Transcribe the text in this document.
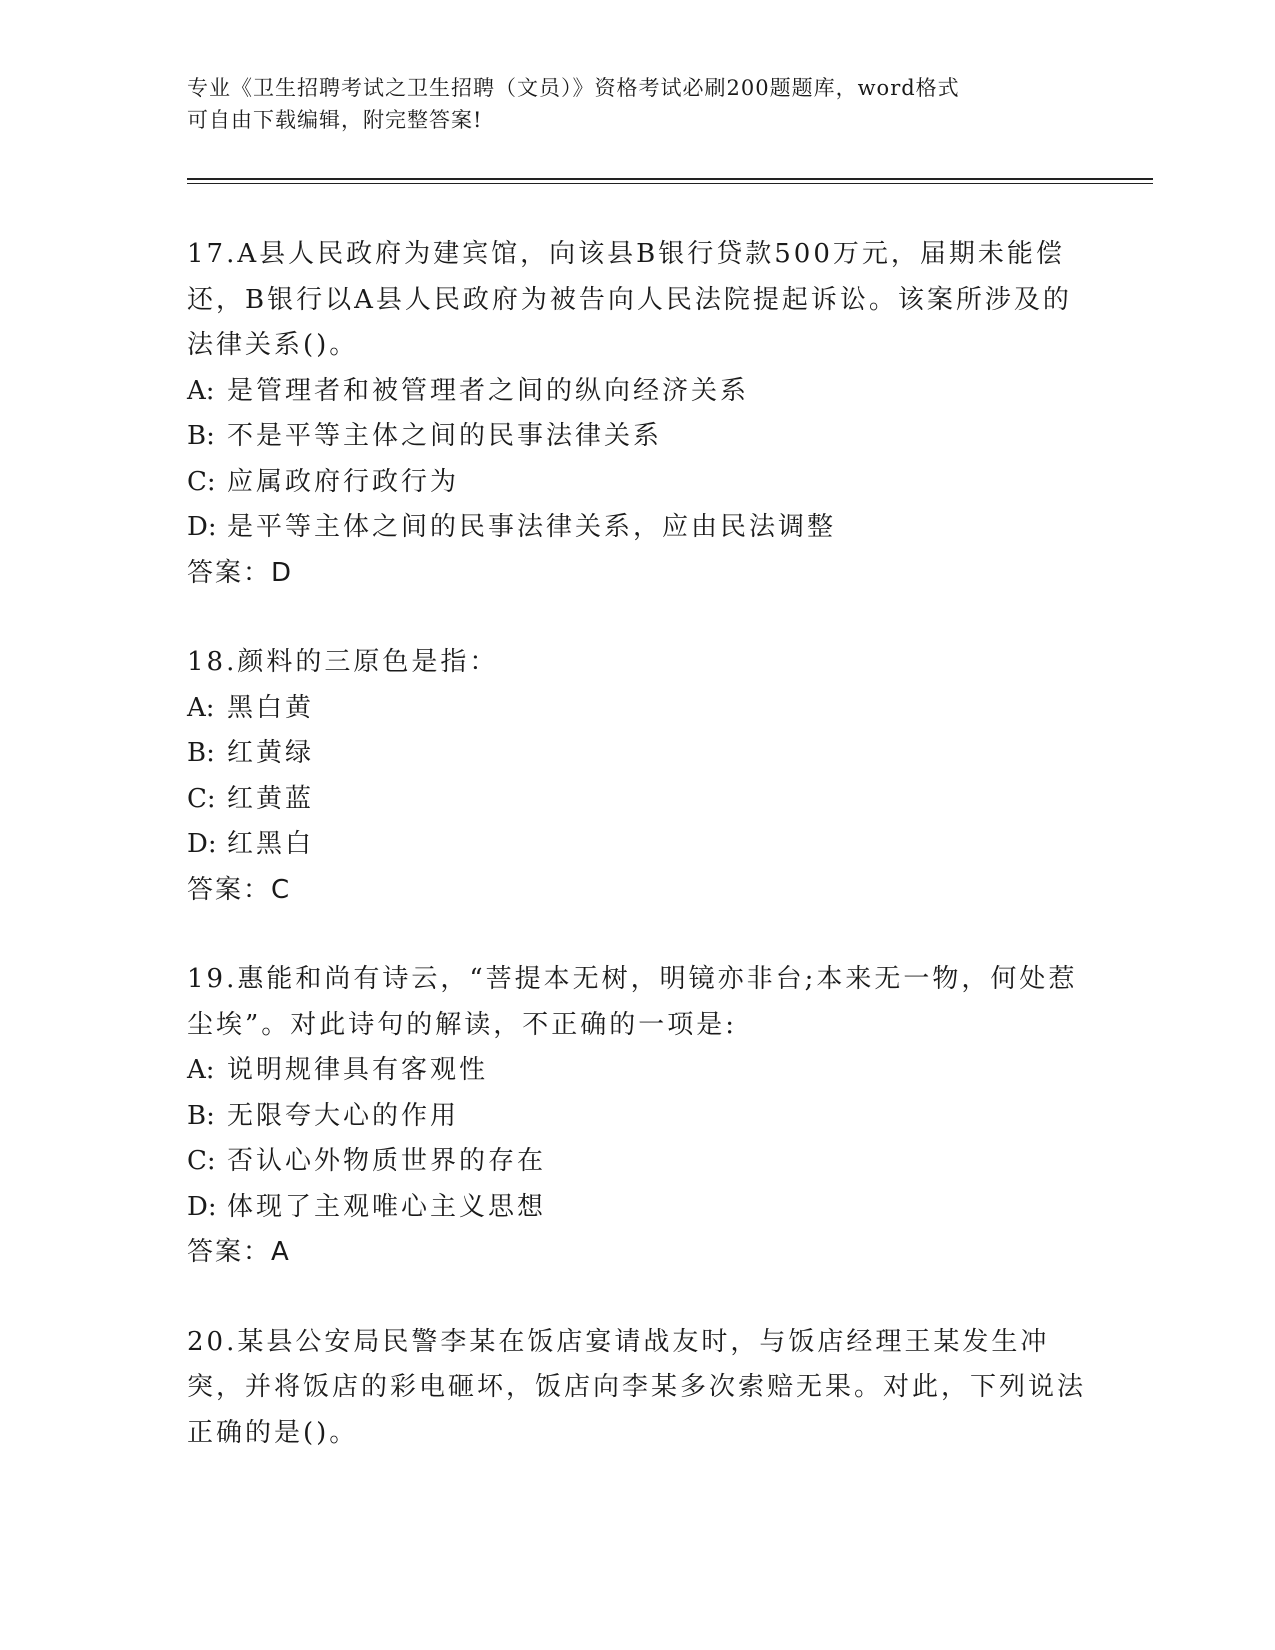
专业《卫生招聘考试之卫生招聘（文员）》资格考试必刷200题题库，word格式
可自由下载编辑，附完整答案!

17.A县人民政府为建宾馆，向该县B银行贷款500万元，届期未能偿还，B银行以A县人民政府为被告向人民法院提起诉讼。该案所涉及的法律关系()。

A: 是管理者和被管理者之间的纵向经济关系

B: 不是平等主体之间的民事法律关系

C: 应属政府行政行为

D: 是平等主体之间的民事法律关系，应由民法调整

答案：D

18.颜料的三原色是指：

A: 黑白黄

B: 红黄绿

C: 红黄蓝

D: 红黑白

答案：C

19.惠能和尚有诗云，“菩提本无树，明镜亦非台;本来无一物，何处惹尘埃”。对此诗句的解读，不正确的一项是:

A: 说明规律具有客观性

B: 无限夸大心的作用

C: 否认心外物质世界的存在

D: 体现了主观唯心主义思想

答案：A

20.某县公安局民警李某在饭店宴请战友时，与饭店经理王某发生冲突，并将饭店的彩电砸坏，饭店向李某多次索赔无果。对此，下列说法正确的是()。
